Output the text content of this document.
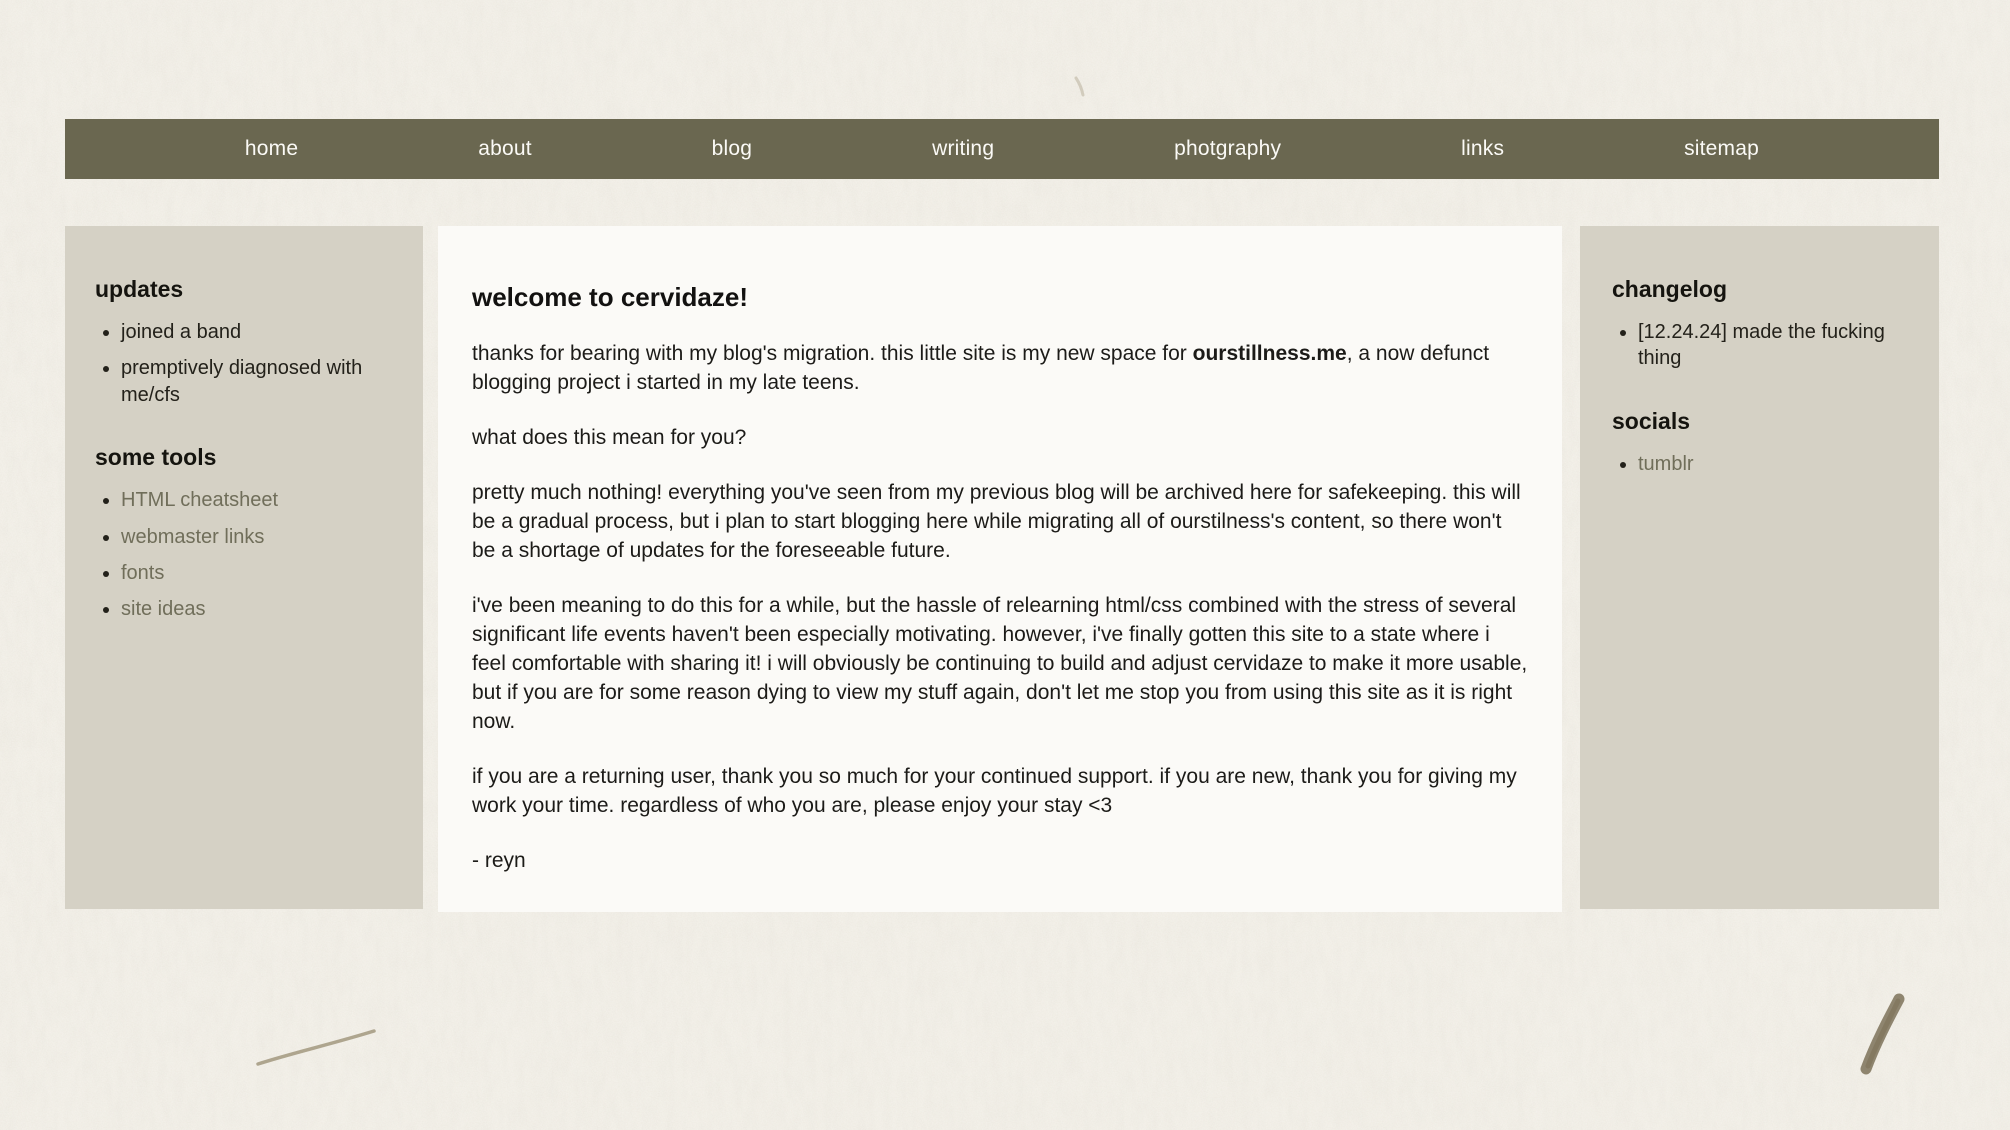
home	about	blog	writing	photgraphy	links	sitemap
updates
• joined a band
• premptively diagnosed with me/cfs
some tools
• HTML cheatsheet
• webmaster links
• fonts
• site ideas
welcome to cervidaze!

thanks for bearing with my blog's migration. this little site is my new space for ourstillness.me, a now defunct blogging project i started in my late teens.

what does this mean for you?

pretty much nothing! everything you've seen from my previous blog will be archived here for safekeeping. this will be a gradual process, but i plan to start blogging here while migrating all of ourstilness's content, so there won't be a shortage of updates for the foreseeable future.

i've been meaning to do this for a while, but the hassle of relearning html/css combined with the stress of several significant life events haven't been especially motivating. however, i've finally gotten this site to a state where i feel comfortable with sharing it! i will obviously be continuing to build and adjust cervidaze to make it more usable, but if you are for some reason dying to view my stuff again, don't let me stop you from using this site as it is right now.

if you are a returning user, thank you so much for your continued support. if you are new, thank you for giving my work your time. regardless of who you are, please enjoy your stay <3

- reyn

changelog
• [12.24.24] made the fucking thing
socials
• tumblr
